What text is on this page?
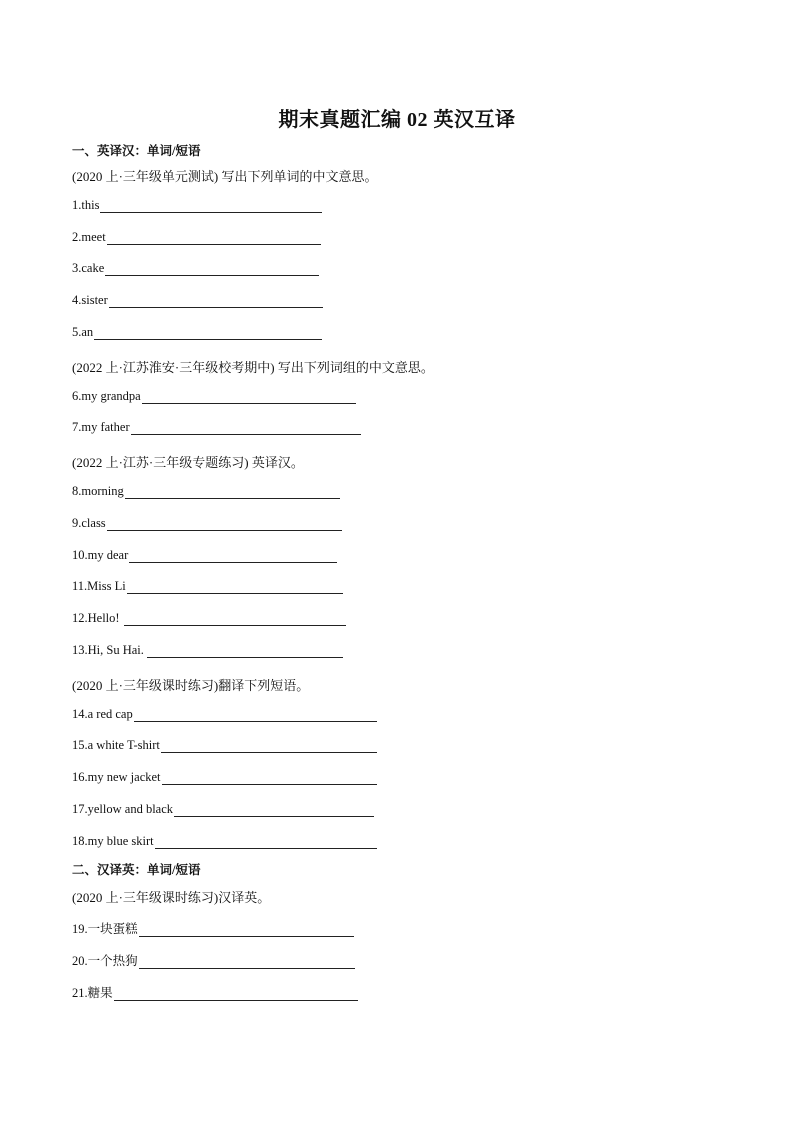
期末真题汇编 02 英汉互译
一、英译汉：单词/短语
(2020 上·三年级单元测试) 写出下列单词的中文意思。
1.this
2.meet
3.cake
4.sister
5.an
(2022 上·江苏淮安·三年级校考期中) 写出下列词组的中文意思。
6.my grandpa
7.my father
(2022 上·江苏·三年级专题练习) 英译汉。
8.morning
9.class
10.my dear
11.Miss Li
12.Hello!
13.Hi, Su Hai.
(2020 上·三年级课时练习)翻译下列短语。
14.a red cap
15.a white T-shirt
16.my new jacket
17.yellow and black
18.my blue skirt
二、汉译英：单词/短语
(2020 上·三年级课时练习)汉译英。
19.一块蛋糕
20.一个热狗
21.糖果
